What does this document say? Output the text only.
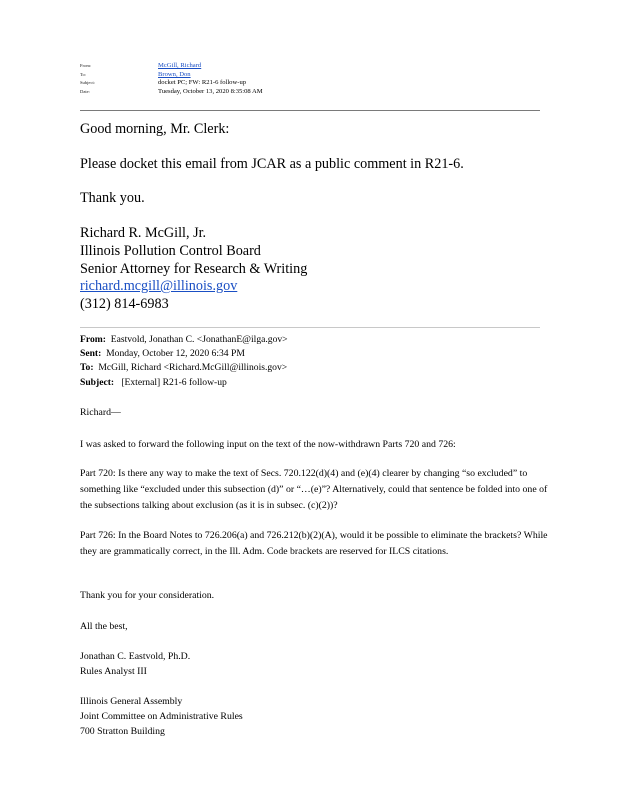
From:	McGill, Richard
To:	Brown, Don
Subject:	docket PC; FW: R21-6 follow-up
Date:	Tuesday, October 13, 2020 8:35:08 AM
Good morning, Mr. Clerk:
Please docket this email from JCAR as a public comment in R21-6.
Thank you.
Richard R. McGill, Jr.
Illinois Pollution Control Board
Senior Attorney for Research & Writing
richard.mcgill@illinois.gov
(312) 814-6983
From: Eastvold, Jonathan C. <JonathanE@ilga.gov>
Sent: Monday, October 12, 2020 6:34 PM
To: McGill, Richard <Richard.McGill@illinois.gov>
Subject: [External] R21-6 follow-up
Richard—
I was asked to forward the following input on the text of the now-withdrawn Parts 720 and 726:
Part 720: Is there any way to make the text of Secs. 720.122(d)(4) and (e)(4) clearer by changing “so excluded” to something like “excluded under this subsection (d)” or “…(e)”? Alternatively, could that sentence be folded into one of the subsections talking about exclusion (as it is in subsec. (c)(2))?
Part 726: In the Board Notes to 726.206(a) and 726.212(b)(2)(A), would it be possible to eliminate the brackets? While they are grammatically correct, in the Ill. Adm. Code brackets are reserved for ILCS citations.
Thank you for your consideration.
All the best,
Jonathan C. Eastvold, Ph.D.
Rules Analyst III
Illinois General Assembly
Joint Committee on Administrative Rules
700 Stratton Building
